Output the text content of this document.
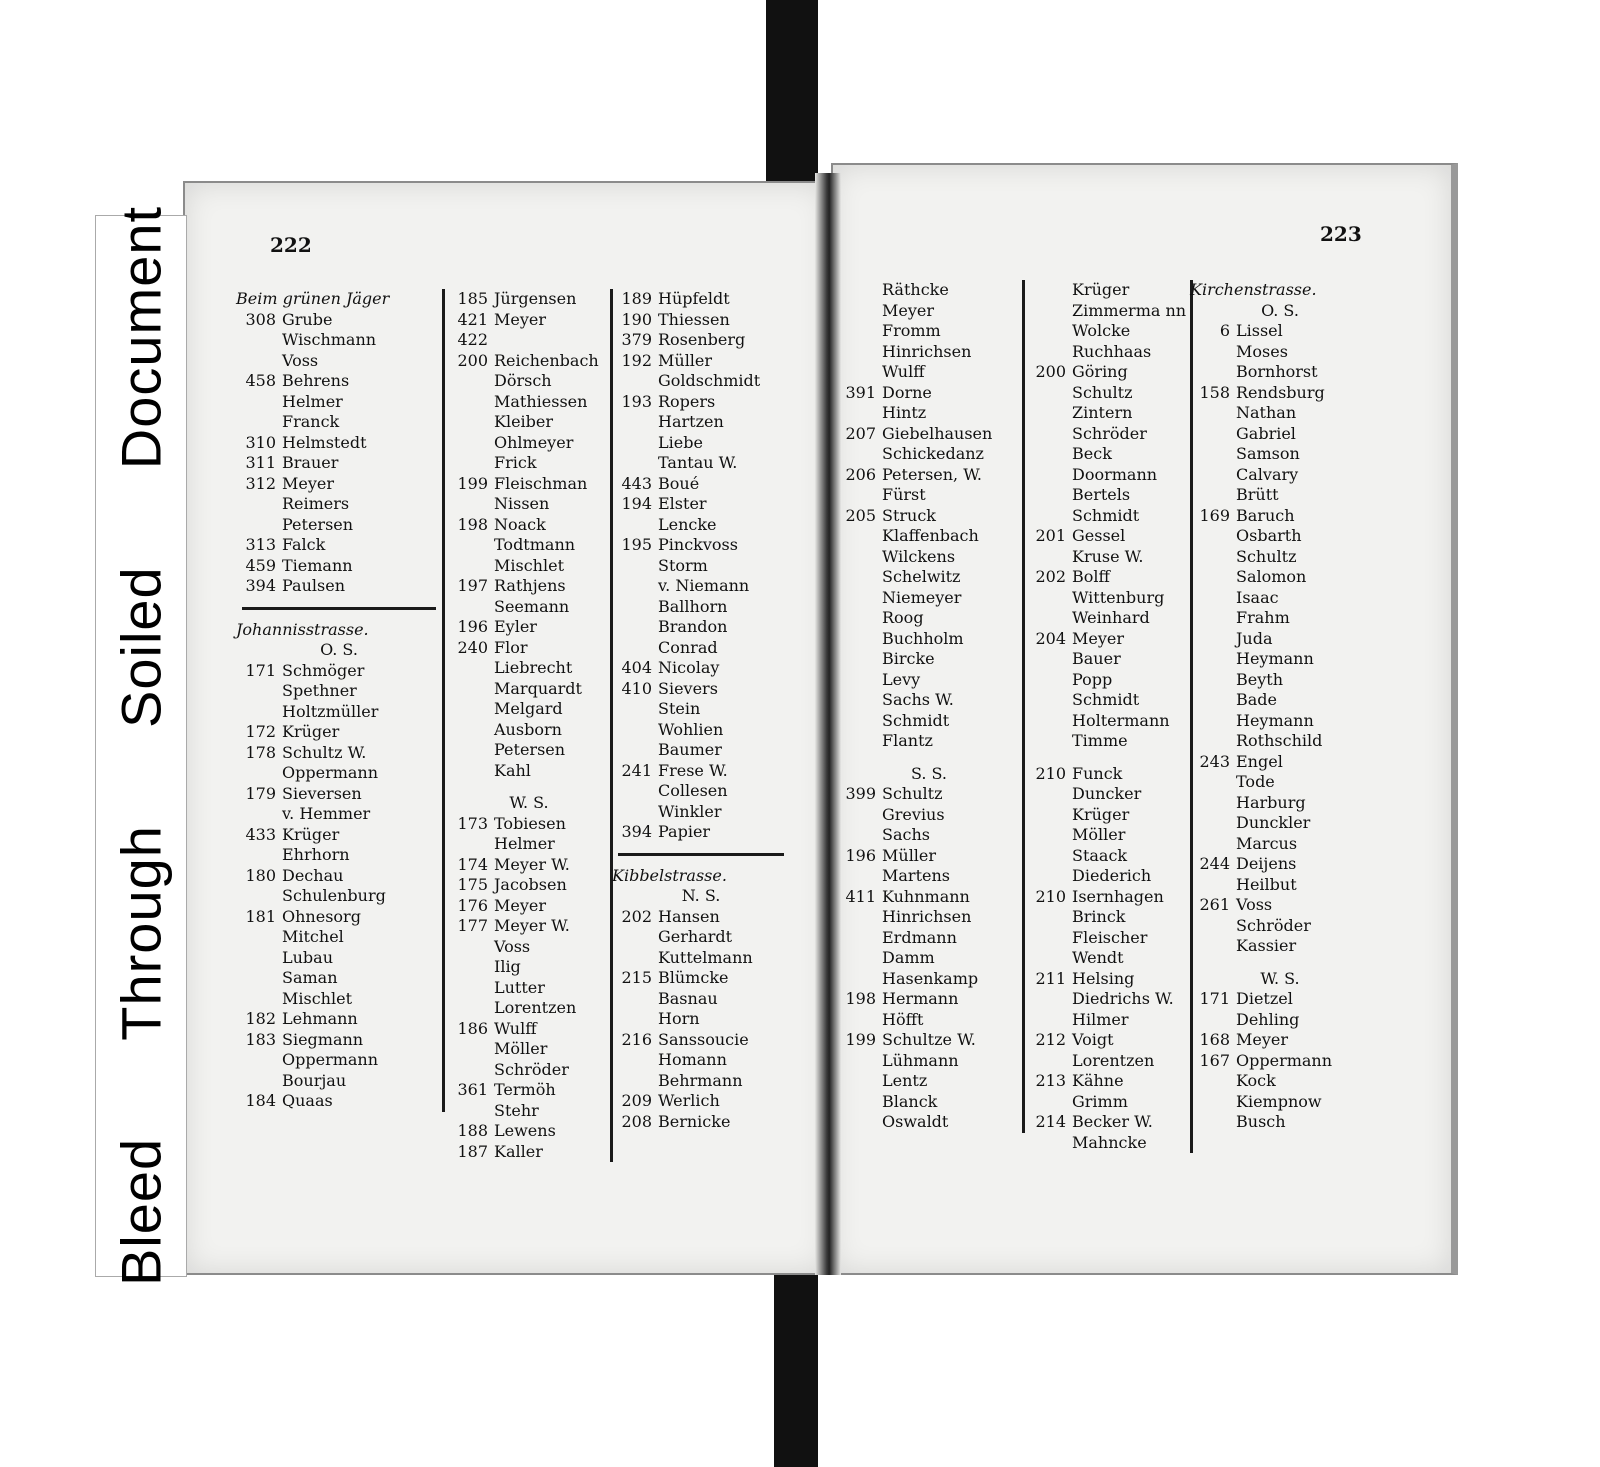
Bleed  Through  Soiled  Document	222	223
Beim grünen Jäger
308 Grube
Wischmann
Voss
458 Behrens
Helmer
Franck
310 Helmstedt
311 Brauer
312 Meyer
Reimers
Petersen
313 Falck
459 Tiemann
394 Paulsen
Johannisstrasse.
O. S.
171 Schmöger
Spethner
Holtzmüller
172 Krüger
178 Schultz W.
Oppermann
179 Sieversen
v. Hemmer
433 Krüger
Ehrhorn
180 Dechau
Schulenburg
181 Ohnesorg
Mitchel
Lubau
Saman
Mischlet
182 Lehmann
183 Siegmann
Oppermann
Bourjau
184 Quaas
185 Jürgensen
421 Meyer
422
200 Reichenbach
Dörsch
Mathiessen
Kleiber
Ohlmeyer
Frick
199 Fleischman
Nissen
198 Noack
Todtmann
Mischlet
197 Rathjens
Seemann
196 Eyler
240 Flor
Liebrecht
Marquardt
Melgard
Ausborn
Petersen
Kahl
W. S.
173 Tobiesen
Helmer
174 Meyer W.
175 Jacobsen
176 Meyer
177 Meyer W.
Voss
Ilig
Lutter
Lorentzen
186 Wulff
Möller
Schröder
361 Termöh
Stehr
188 Lewens
187 Kaller
189 Hüpfeldt
190 Thiessen
379 Rosenberg
192 Müller
Goldschmidt
193 Ropers
Hartzen
Liebe
Tantau W.
443 Boué
194 Elster
Lencke
195 Pinckvoss
Storm
v. Niemann
Ballhorn
Brandon
Conrad
404 Nicolay
410 Sievers
Stein
Wohlien
Baumer
241 Frese W.
Collesen
Winkler
394 Papier
Kibbelstrasse.
N. S.
202 Hansen
Gerhardt
Kuttelmann
215 Blümcke
Basnau
Horn
216 Sanssoucie
Homann
Behrmann
209 Werlich
208 Bernicke
Räthcke
Meyer
Fromm
Hinrichsen
Wulff
391 Dorne
Hintz
207 Giebelhausen
Schickedanz
206 Petersen, W.
Fürst
205 Struck
Klaffenbach
Wilckens
Schelwitz
Niemeyer
Roog
Buchholm
Bircke
Levy
Sachs W.
Schmidt
Flantz
S. S.
399 Schultz
Grevius
Sachs
196 Müller
Martens
411 Kuhnmann
Hinrichsen
Erdmann
Damm
Hasenkamp
198 Hermann
Höfft
199 Schultze W.
Lühmann
Lentz
Blanck
Oswaldt
Krüger
Zimmerma nn
Wolcke
Ruchhaas
200 Göring
Schultz
Zintern
Schröder
Beck
Doormann
Bertels
Schmidt
201 Gessel
Kruse W.
202 Bolff
Wittenburg
Weinhard
204 Meyer
Bauer
Popp
Schmidt
Holtermann
Timme
210 Funck
Duncker
Krüger
Möller
Staack
Diederich
210 Isernhagen
Brinck
Fleischer
Wendt
211 Helsing
Diedrichs W.
Hilmer
212 Voigt
Lorentzen
213 Kähne
Grimm
214 Becker W.
Mahncke
Kirchenstrasse.
O. S.
6 Lissel
Moses
Bornhorst
158 Rendsburg
Nathan
Gabriel
Samson
Calvary
Brütt
169 Baruch
Osbarth
Schultz
Salomon
Isaac
Frahm
Juda
Heymann
Beyth
Bade
Heymann
Rothschild
243 Engel
Tode
Harburg
Dunckler
Marcus
244 Deijens
Heilbut
261 Voss
Schröder
Kassier
W. S.
171 Dietzel
Dehling
168 Meyer
167 Oppermann
Kock
Kiempnow
Busch
